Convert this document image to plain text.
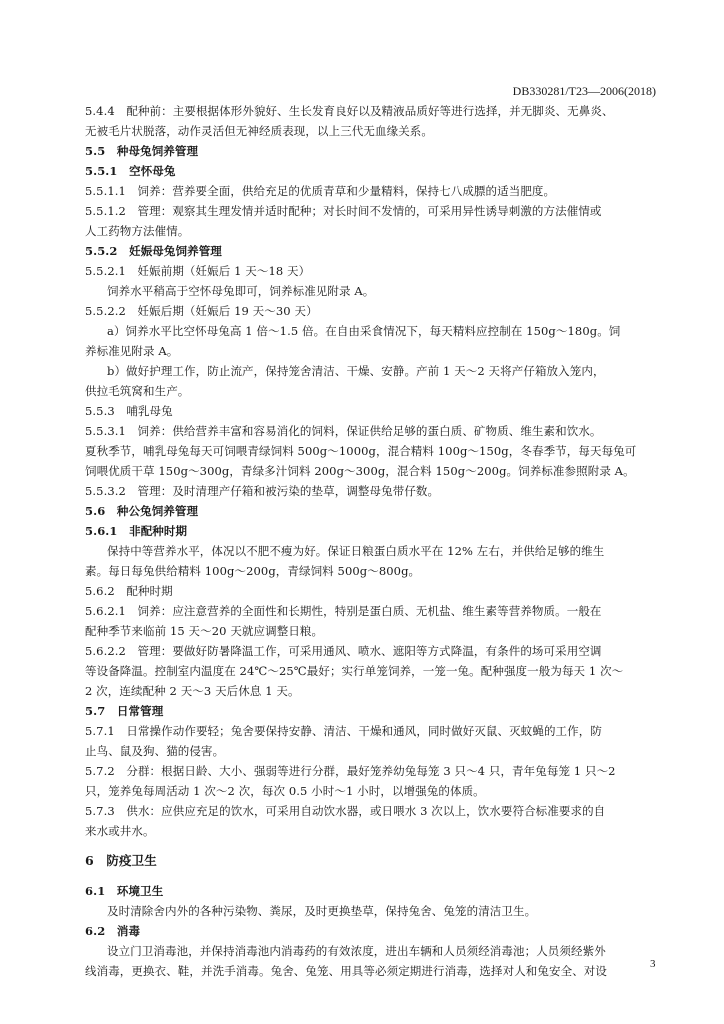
DB330281/T23—2006(2018)
5.4.4　配种前：主要根据体形外貌好、生长发育良好以及精液品质好等进行选择，并无脚炎、无鼻炎、
无被毛片状脱落，动作灵活但无神经质表现，以上三代无血缘关系。
5.5　种母兔饲养管理
5.5.1　空怀母兔
5.5.1.1　饲养：营养要全面，供给充足的优质青草和少量精料，保持七八成膘的适当肥度。
5.5.1.2　管理：观察其生理发情并适时配种；对长时间不发情的，可采用异性诱导刺激的方法催情或
人工药物方法催情。
5.5.2　妊娠母兔饲养管理
5.5.2.1　妊娠前期（妊娠后 1 天～18 天）
饲养水平稍高于空怀母兔即可，饲养标准见附录 A。
5.5.2.2　妊娠后期（妊娠后 19 天～30 天）
a）饲养水平比空怀母兔高 1 倍～1.5 倍。在自由采食情况下，每天精料应控制在 150g～180g。饲
养标准见附录 A。
b）做好护理工作，防止流产，保持笼舍清洁、干燥、安静。产前 1 天～2 天将产仔箱放入笼内，
供拉毛筑窝和生产。
5.5.3　哺乳母兔
5.5.3.1　饲养：供给营养丰富和容易消化的饲料，保证供给足够的蛋白质、矿物质、维生素和饮水。
夏秋季节，哺乳母兔每天可饲喂青绿饲料 500g～1000g，混合精料 100g～150g，冬春季节，每天每兔可
饲喂优质干草 150g～300g，青绿多汁饲料 200g～300g，混合料 150g～200g。饲养标准参照附录 A。
5.5.3.2　管理：及时清理产仔箱和被污染的垫草，调整母兔带仔数。
5.6　种公兔饲养管理
5.6.1　非配种时期
保持中等营养水平，体况以不肥不瘦为好。保证日粮蛋白质水平在 12% 左右，并供给足够的维生
素。每日每兔供给精料 100g～200g，青绿饲料 500g～800g。
5.6.2　配种时期
5.6.2.1　饲养：应注意营养的全面性和长期性，特别是蛋白质、无机盐、维生素等营养物质。一般在
配种季节来临前 15 天～20 天就应调整日粮。
5.6.2.2　管理：要做好防暑降温工作，可采用通风、喷水、遮阳等方式降温，有条件的场可采用空调
等设备降温。控制室内温度在 24℃～25℃最好；实行单笼饲养，一笼一兔。配种强度一般为每天 1 次～
2 次，连续配种 2 天～3 天后休息 1 天。
5.7　日常管理
5.7.1　日常操作动作要轻；兔舍要保持安静、清洁、干燥和通风，同时做好灭鼠、灭蚊蝇的工作，防
止鸟、鼠及狗、猫的侵害。
5.7.2　分群：根据日龄、大小、强弱等进行分群，最好笼养幼兔每笼 3 只～4 只，青年兔每笼 1 只～2
只，笼养兔每周活动 1 次～2 次，每次 0.5 小时～1 小时，以增强兔的体质。
5.7.3　供水：应供应充足的饮水，可采用自动饮水器，或日喂水 3 次以上，饮水要符合标准要求的自
来水或井水。
6　防疫卫生
6.1　环境卫生
及时清除舍内外的各种污染物、粪尿，及时更换垫草，保持兔舍、兔笼的清洁卫生。
6.2　消毒
设立门卫消毒池，并保持消毒池内消毒药的有效浓度，进出车辆和人员须经消毒池；人员须经紫外
线消毒，更换衣、鞋，并洗手消毒。兔舍、兔笼、用具等必须定期进行消毒，选择对人和兔安全、对设	3
